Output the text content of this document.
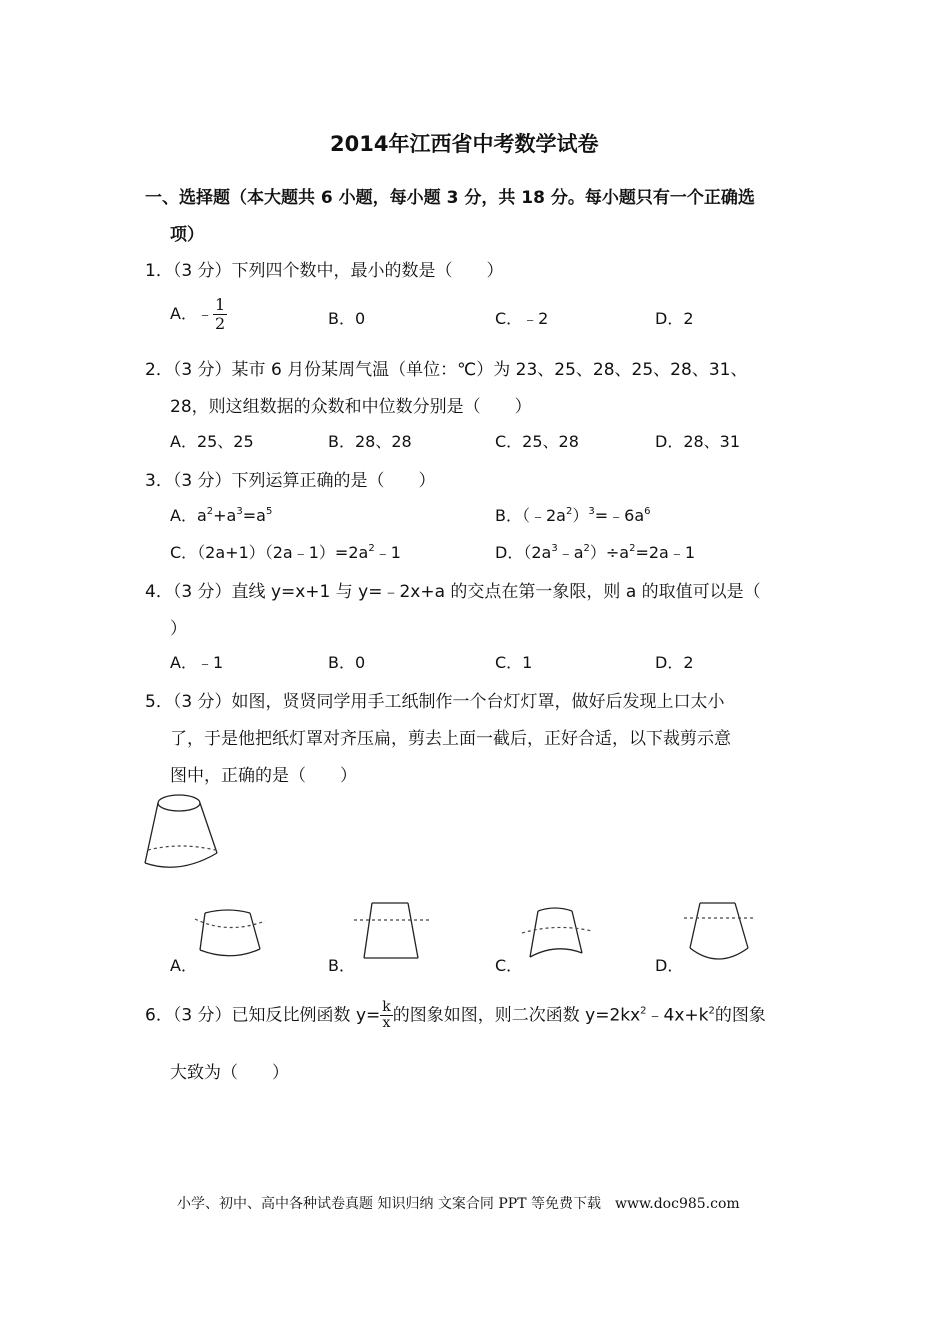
2014年江西省中考数学试卷
一、选择题（本大题共 6 小题，每小题 3 分，共 18 分。每小题只有一个正确选
项）
1．（3 分）下列四个数中，最小的数是（　　）
A．﹣ $\frac{1}{2}$	B．0	C．﹣2	D．2
2．（3 分）某市 6 月份某周气温（单位：℃）为 23、25、28、25、28、31、
28，则这组数据的众数和中位数分别是（　　）
A．25、25	B．28、28	C．25、28	D．28、31
3．（3 分）下列运算正确的是（　　）
A．$a^2+a^3=a^5$	B．$(﹣2a^2)^3=﹣6a^6$
C．$(2a+1)(2a﹣1)=2a^2﹣1$	D．$(2a^3﹣a^2)\div a^2=2a﹣1$
4．（3 分）直线 y=x+1 与 y=﹣2x+a 的交点在第一象限，则 a 的取值可以是（
）
A．﹣1	B．0	C．1	D．2
5．（3 分）如图，贤贤同学用手工纸制作一个台灯灯罩，做好后发现上口太小
了，于是他把纸灯罩对齐压扁，剪去上面一截后，正好合适，以下裁剪示意
图中，正确的是（　　）
A．	B．	C．	D．
6．（3 分）已知反比例函数 $y= \frac{k}{x}$ 的图象如图，则二次函数 $y=2kx^2﹣4x+k^2$的图象
大致为（　　）
小学、初中、高中各种试卷真题 知识归纳 文案合同 PPT 等免费下载　www.doc985.com
